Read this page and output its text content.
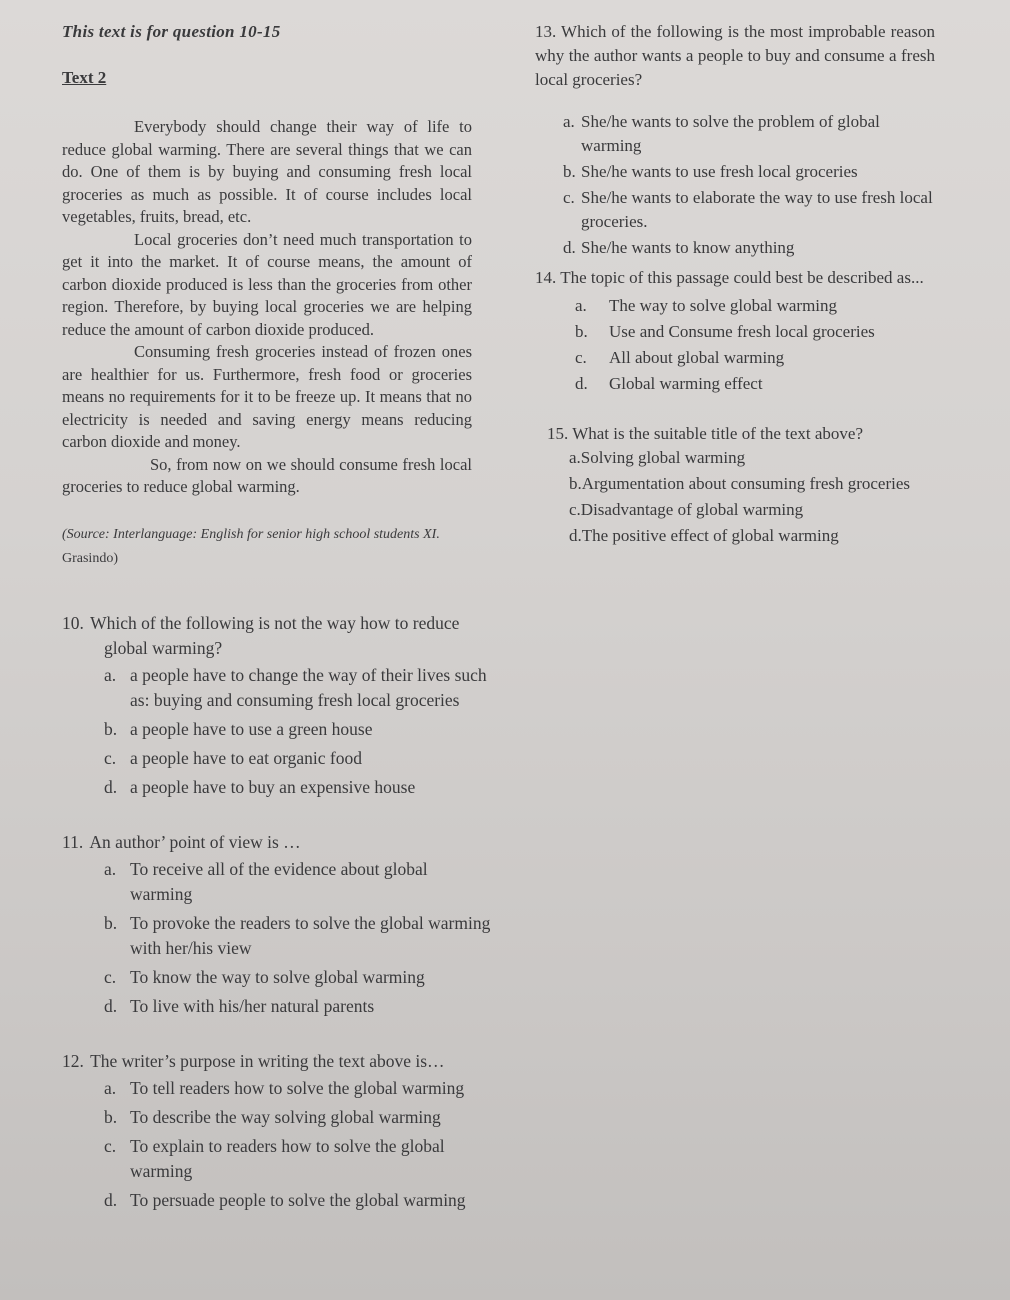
This text is for question 10-15

Text 2

Everybody should change their way of life to reduce global warming. There are several things that we can do. One of them is by buying and consuming fresh local groceries as much as possible. It of course includes local vegetables, fruits, bread, etc.

Local groceries don’t need much transportation to get it into the market. It of course means, the amount of carbon dioxide produced is less than the groceries from other region. Therefore, by buying local groceries we are helping reduce the amount of carbon dioxide produced.

Consuming fresh groceries instead of frozen ones are healthier for us. Furthermore, fresh food or groceries means no requirements for it to be freeze up. It means that no electricity is needed and saving energy means reducing carbon dioxide and money.

So, from now on we should consume fresh local groceries to reduce global warming.

(Source: Interlanguage: English for senior high school students XI. Grasindo)

10. Which of the following is not the way how to reduce global warming?

a. a people have to change the way of their lives such as: buying and consuming fresh local groceries
b. a people have to use a green house
c. a people have to eat organic food
d. a people have to buy an expensive house

11. An author’ point of view is …

a. To receive all of the evidence about global warming
b. To provoke the readers to solve the global warming with her/his view
c. To know the way to solve global warming
d. To live with his/her natural parents

12. The writer’s purpose in writing the text above is…

a. To tell readers how to solve the global warming
b. To describe the way solving global warming
c. To explain to readers how to solve the global warming
d. To persuade people to solve the global warming

13. Which of the following is the most improbable reason why the author wants a people to buy and consume a fresh local groceries?

a. She/he wants to solve the problem of global warming
b. She/he wants to use fresh local groceries
c. She/he wants to elaborate the way to use fresh local groceries.
d. She/he wants to know anything

14. The topic of this passage could best be described as...

a. The way to solve global warming
b. Use and Consume fresh local groceries
c. All about global warming
d. Global warming effect

15. What is the suitable title of the text above?

a.Solving global warming
b.Argumentation about consuming fresh groceries
c.Disadvantage of global warming
d.The positive effect of global warming
